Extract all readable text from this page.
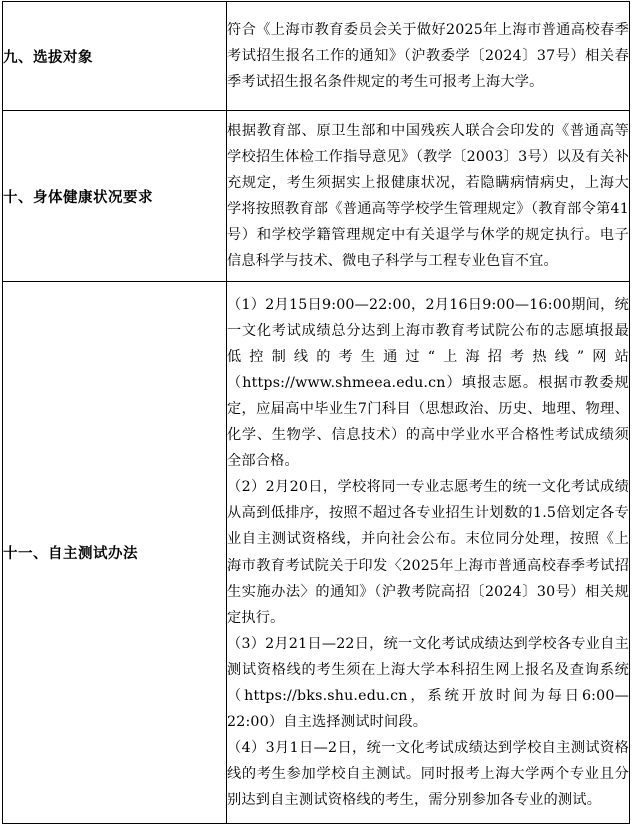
九、选拔对象	符合《上海市教育委员会关于做好2025年上海市普通高校春季考试招生报名工作的通知》（沪教委学〔2024〕37号）相关春季考试招生报名条件规定的考生可报考上海大学。

十、身体健康状况要求	根据教育部、原卫生部和中国残疾人联合会印发的《普通高等学校招生体检工作指导意见》（教学〔2003〕3号）以及有关补充规定，考生须据实上报健康状况，若隐瞒病情病史，上海大学将按照教育部《普通高等学校学生管理规定》（教育部令第41号）和学校学籍管理规定中有关退学与休学的规定执行。电子信息科学与技术、微电子科学与工程专业色盲不宜。

十一、自主测试办法	（1）2月15日9:00—22:00，2月16日9:00—16:00期间，统一文化考试成绩总分达到上海市教育考试院公布的志愿填报最低控制线的考生通过“上海招考热线”网站（https://www.shmeea.edu.cn）填报志愿。根据市教委规定，应届高中毕业生7门科目（思想政治、历史、地理、物理、化学、生物学、信息技术）的高中学业水平合格性考试成绩须全部合格。

（2）2月20日，学校将同一专业志愿考生的统一文化考试成绩从高到低排序，按照不超过各专业招生计划数的1.5倍划定各专业自主测试资格线，并向社会公布。末位同分处理，按照《上海市教育考试院关于印发〈2025年上海市普通高校春季考试招生实施办法〉的通知》（沪教考院高招〔2024〕30号）相关规定执行。

（3）2月21日—22日，统一文化考试成绩达到学校各专业自主测试资格线的考生须在上海大学本科招生网上报名及查询系统（https://bks.shu.edu.cn，系统开放时间为每日6:00—22:00）自主选择测试时间段。

（4）3月1日—2日，统一文化考试成绩达到学校自主测试资格线的考生参加学校自主测试。同时报考上海大学两个专业且分别达到自主测试资格线的考生，需分别参加各专业的测试。
